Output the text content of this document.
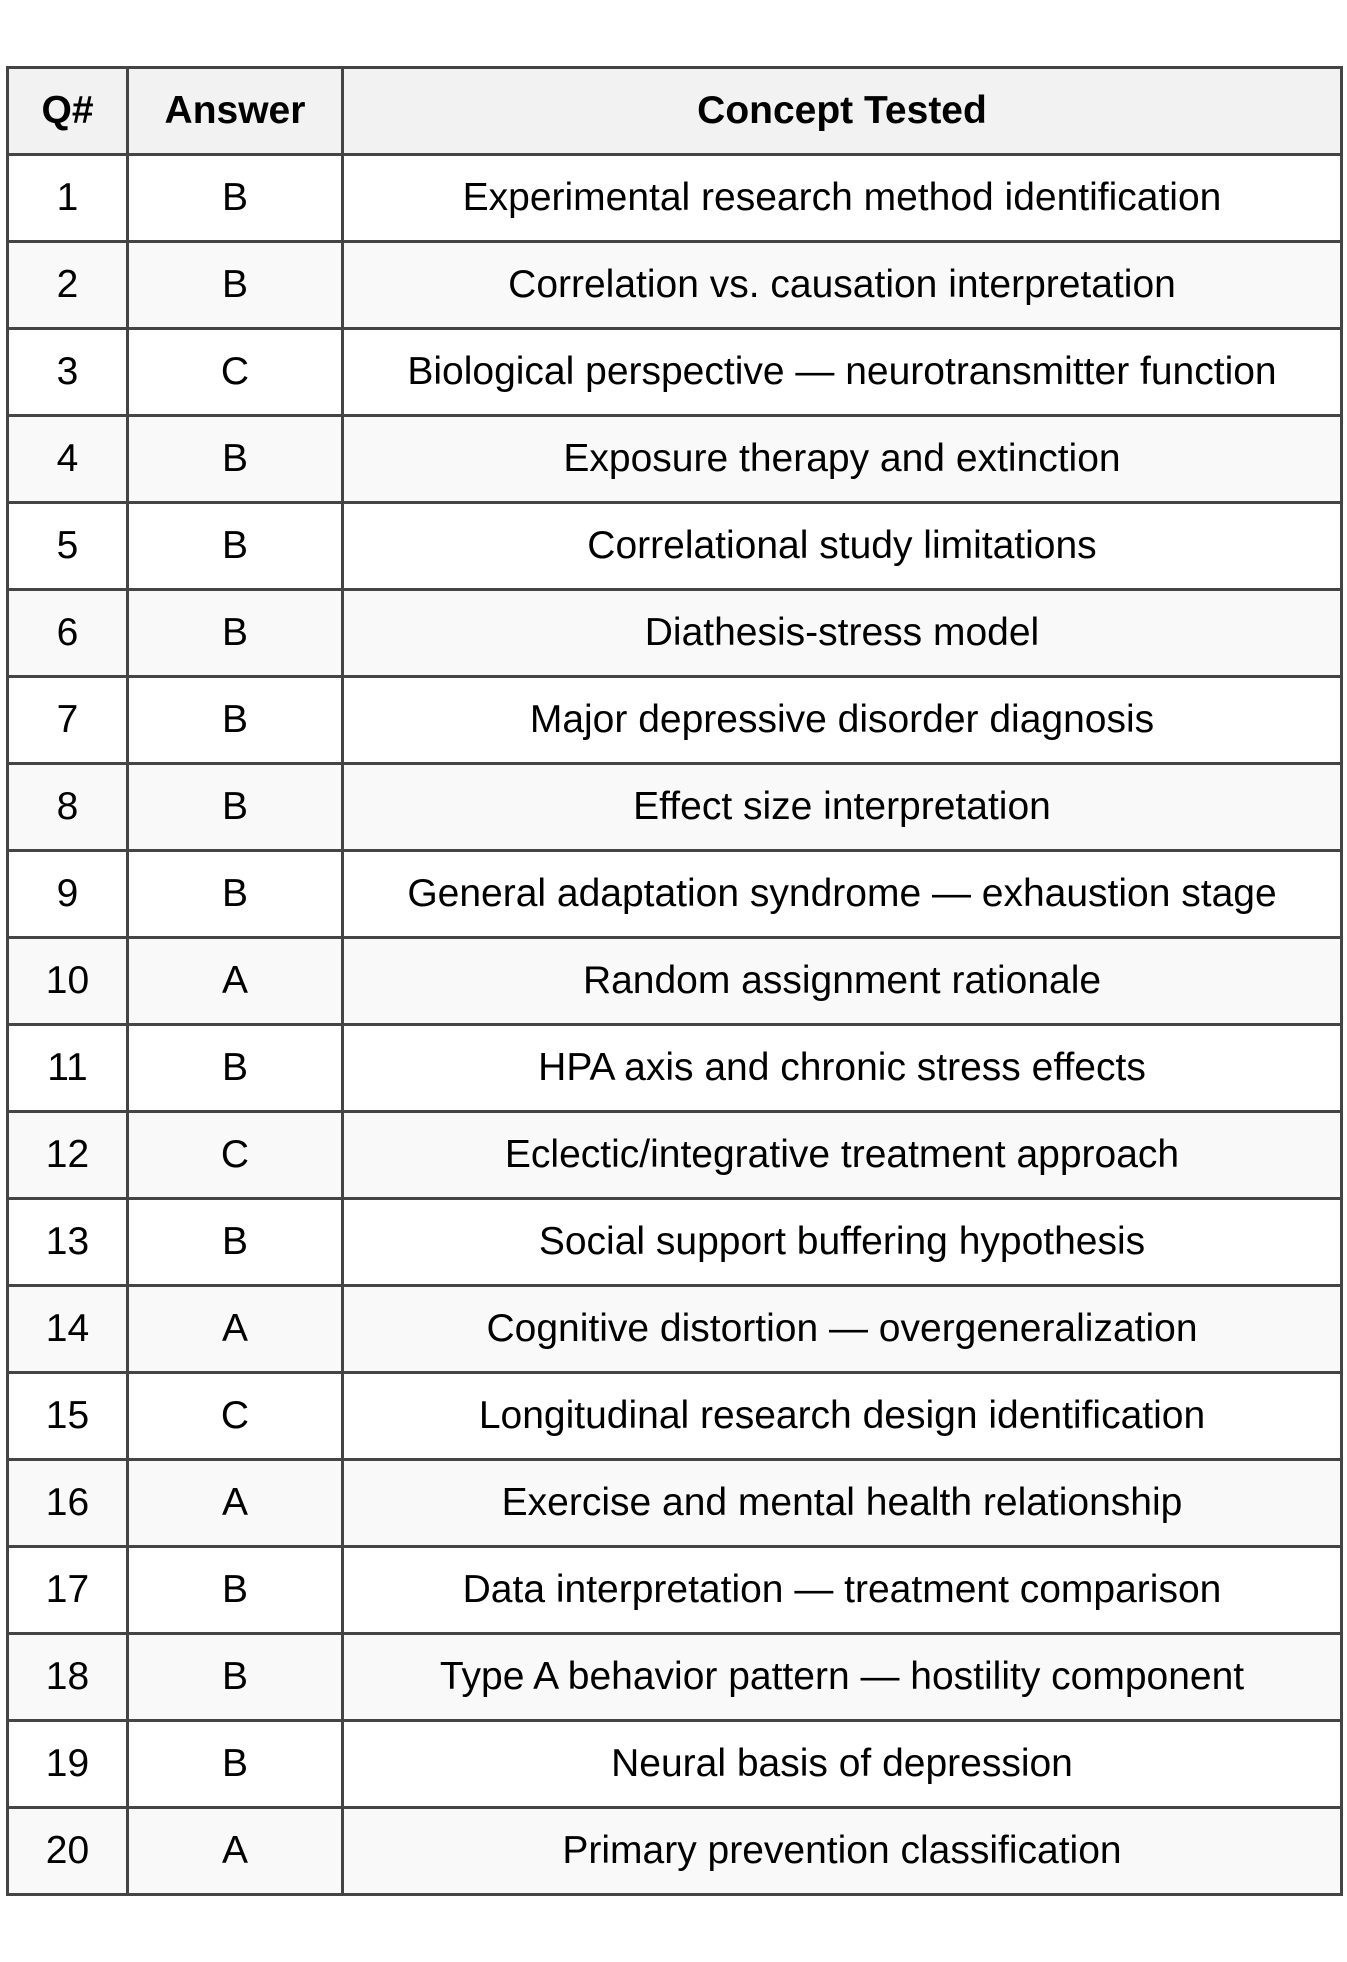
Q#	Answer	Concept Tested
1	B	Experimental research method identification
2	B	Correlation vs. causation interpretation
3	C	Biological perspective — neurotransmitter function
4	B	Exposure therapy and extinction
5	B	Correlational study limitations
6	B	Diathesis-stress model
7	B	Major depressive disorder diagnosis
8	B	Effect size interpretation
9	B	General adaptation syndrome — exhaustion stage
10	A	Random assignment rationale
11	B	HPA axis and chronic stress effects
12	C	Eclectic/integrative treatment approach
13	B	Social support buffering hypothesis
14	A	Cognitive distortion — overgeneralization
15	C	Longitudinal research design identification
16	A	Exercise and mental health relationship
17	B	Data interpretation — treatment comparison
18	B	Type A behavior pattern — hostility component
19	B	Neural basis of depression
20	A	Primary prevention classification
